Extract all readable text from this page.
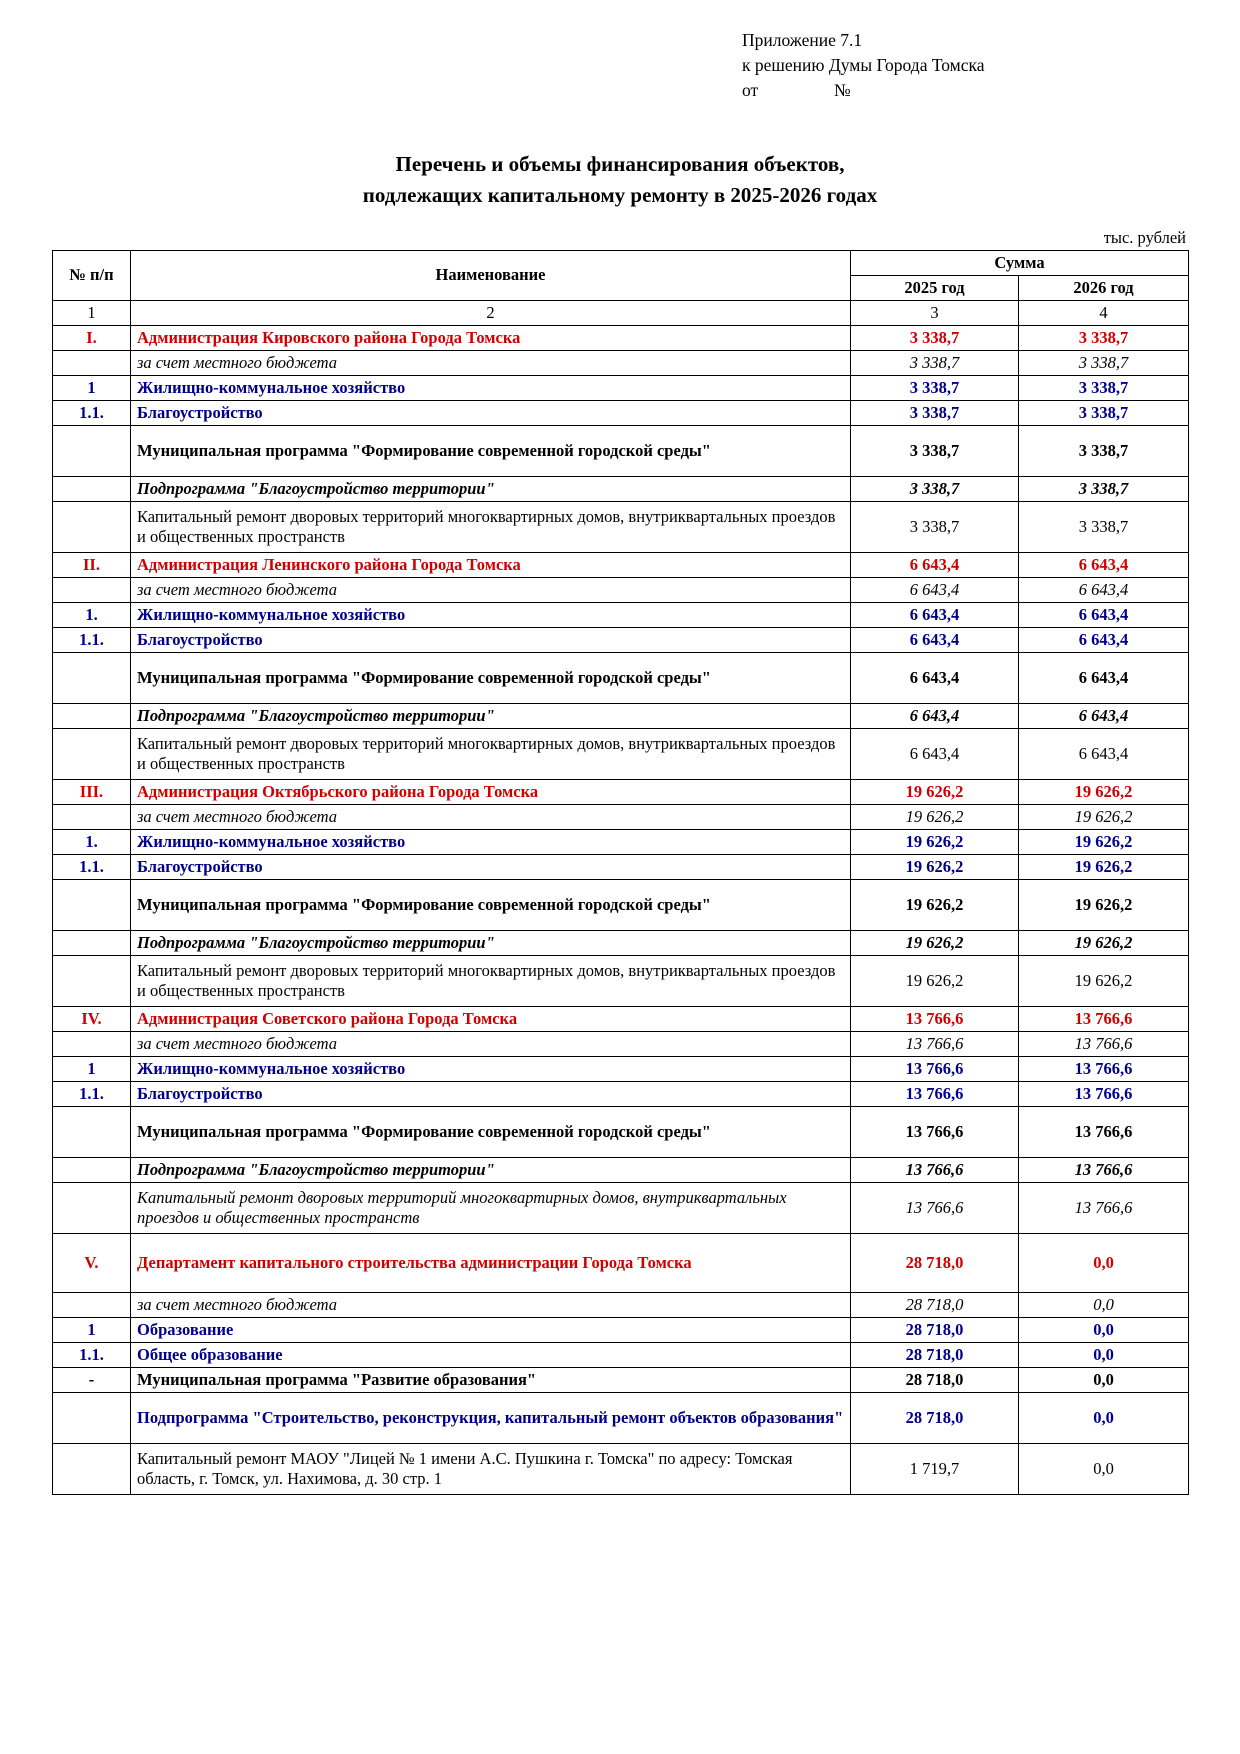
Приложение 7.1
к решению Думы Города Томска
от	№
Перечень и объемы финансирования объектов,
подлежащих капитальному ремонту в 2025-2026 годах
тыс. рублей
№ п/п	Наименование	Сумма	
		2025 год	2026 год
1	2	3	4
I.	Администрация Кировского района Города Томска	3 338,7	3 338,7
	за счет местного бюджета	3 338,7	3 338,7
1	Жилищно-коммунальное хозяйство	3 338,7	3 338,7
1.1.	Благоустройство	3 338,7	3 338,7
	Муниципальная программа "Формирование современной городской среды"	3 338,7	3 338,7
	Подпрограмма "Благоустройство территории"	3 338,7	3 338,7
	Капитальный ремонт дворовых территорий многоквартирных домов, внутриквартальных проездов и общественных пространств	3 338,7	3 338,7
II.	Администрация Ленинского района Города Томска	6 643,4	6 643,4
	за счет местного бюджета	6 643,4	6 643,4
1.	Жилищно-коммунальное хозяйство	6 643,4	6 643,4
1.1.	Благоустройство	6 643,4	6 643,4
	Муниципальная программа "Формирование современной городской среды"	6 643,4	6 643,4
	Подпрограмма "Благоустройство территории"	6 643,4	6 643,4
	Капитальный ремонт дворовых территорий многоквартирных домов, внутриквартальных проездов и общественных пространств	6 643,4	6 643,4
III.	Администрация Октябрьского района Города Томска	19 626,2	19 626,2
	за счет местного бюджета	19 626,2	19 626,2
1.	Жилищно-коммунальное хозяйство	19 626,2	19 626,2
1.1.	Благоустройство	19 626,2	19 626,2
	Муниципальная программа "Формирование современной городской среды"	19 626,2	19 626,2
	Подпрограмма "Благоустройство территории"	19 626,2	19 626,2
	Капитальный ремонт дворовых территорий многоквартирных домов, внутриквартальных проездов и общественных пространств	19 626,2	19 626,2
IV.	Администрация Советского района Города Томска	13 766,6	13 766,6
	за счет местного бюджета	13 766,6	13 766,6
1	Жилищно-коммунальное хозяйство	13 766,6	13 766,6
1.1.	Благоустройство	13 766,6	13 766,6
	Муниципальная программа "Формирование современной городской среды"	13 766,6	13 766,6
	Подпрограмма "Благоустройство территории"	13 766,6	13 766,6
	Капитальный ремонт дворовых территорий многоквартирных домов, внутриквартальных проездов и общественных пространств	13 766,6	13 766,6
V.	Департамент капитального строительства администрации Города Томска	28 718,0	0,0
	за счет местного бюджета	28 718,0	0,0
1	Образование	28 718,0	0,0
1.1.	Общее образование	28 718,0	0,0
-	Муниципальная программа "Развитие образования"	28 718,0	0,0
	Подпрограмма "Строительство, реконструкция, капитальный ремонт объектов образования"	28 718,0	0,0
	Капитальный ремонт МАОУ "Лицей № 1 имени А.С. Пушкина г. Томска" по адресу: Томская область, г. Томск, ул. Нахимова, д. 30 стр. 1	1 719,7	0,0
